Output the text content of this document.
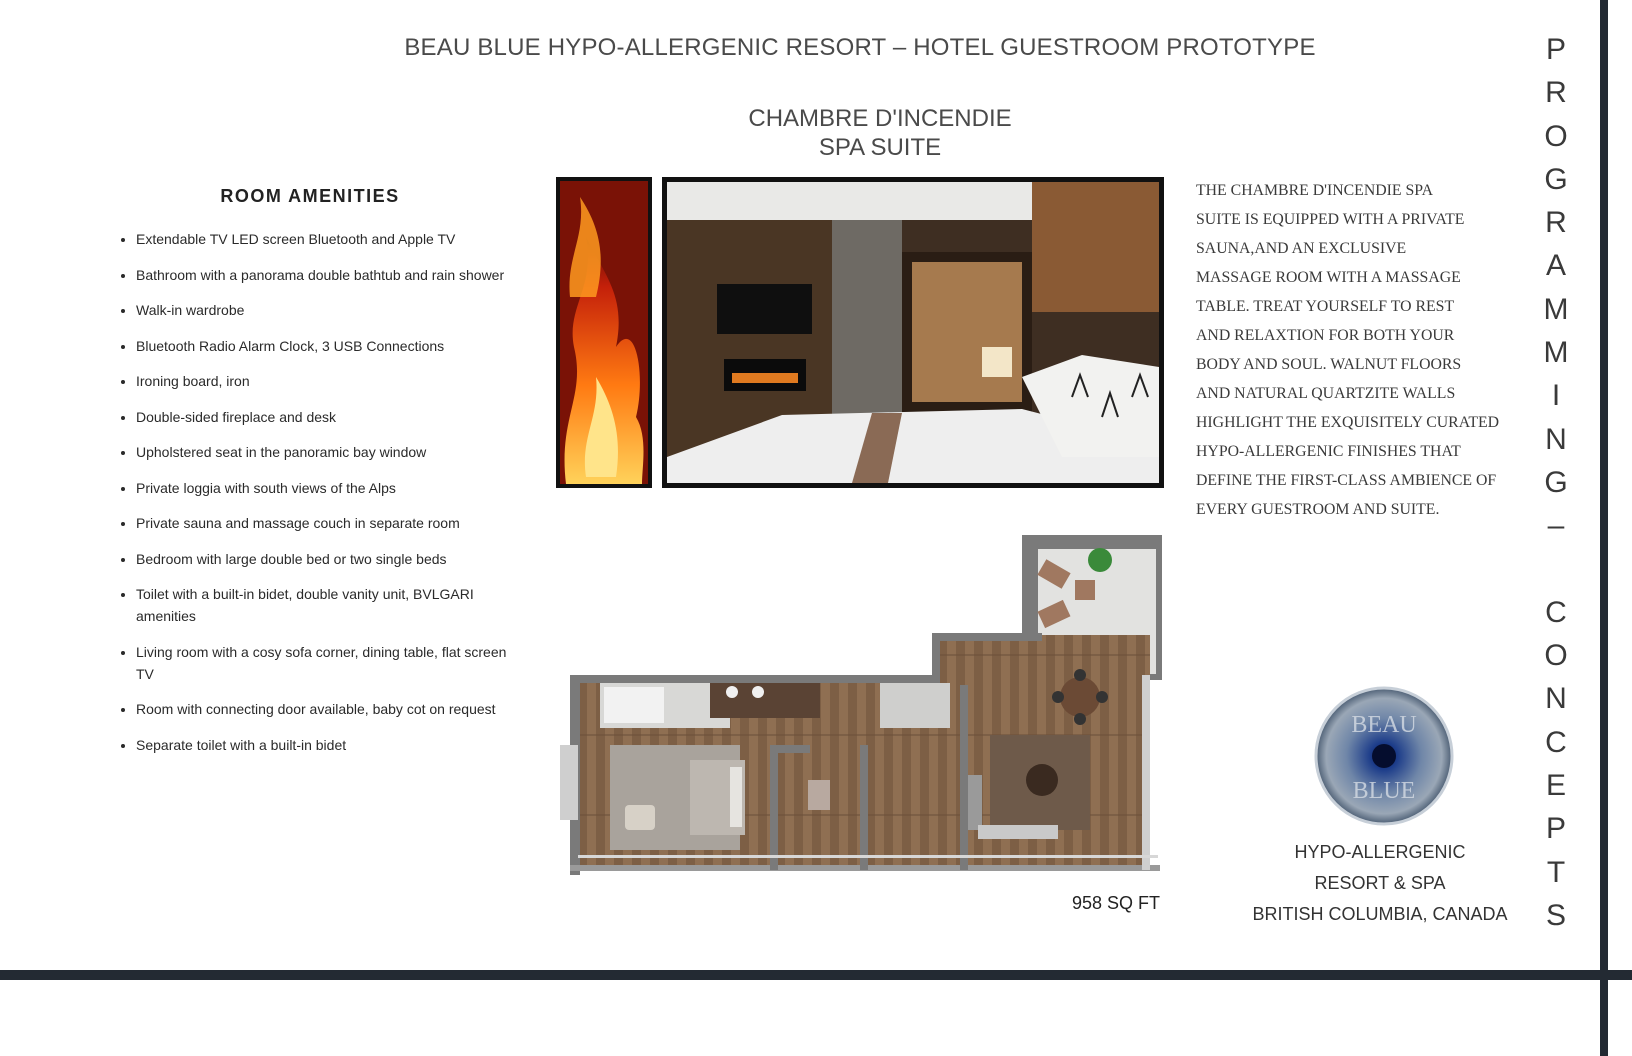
BEAU BLUE HYPO-ALLERGENIC RESORT – HOTEL GUESTROOM PROTOTYPE
CHAMBRE D'INCENDIE
SPA SUITE
ROOM AMENITIES
• Extendable TV LED screen Bluetooth and Apple TV
• Bathroom with a panorama double bathtub and rain shower
• Walk-in wardrobe
• Bluetooth Radio Alarm Clock, 3 USB Connections
• Ironing board, iron
• Double-sided fireplace and desk
• Upholstered seat in the panoramic bay window
• Private loggia with south views of the Alps
• Private sauna and massage couch in separate room
• Bedroom with large double bed or two single beds
• Toilet with a built-in bidet, double vanity unit, BVLGARI amenities
• Living room with a cosy sofa corner, dining table, flat screen TV
• Room with connecting door available, baby cot on request
• Separate toilet with a built-in bidet
THE CHAMBRE D'INCENDIE SPA
SUITE IS EQUIPPED WITH A PRIVATE
SAUNA,AND AN EXCLUSIVE
MASSAGE ROOM WITH A MASSAGE
TABLE. TREAT YOURSELF TO REST
AND RELAXTION FOR BOTH YOUR
BODY AND SOUL. WALNUT FLOORS
AND NATURAL QUARTZITE WALLS
HIGHLIGHT THE EXQUISITELY CURATED
HYPO-ALLERGENIC FINISHES THAT
DEFINE THE FIRST-CLASS AMBIENCE OF
EVERY GUESTROOM AND SUITE.
958 SQ FT
BEAU
BLUE
HYPO-ALLERGENIC
RESORT & SPA
BRITISH COLUMBIA, CANADA
P
R
O
G
R
A
M
M
I
N
G
–
C
O
N
C
E
P
T
S
